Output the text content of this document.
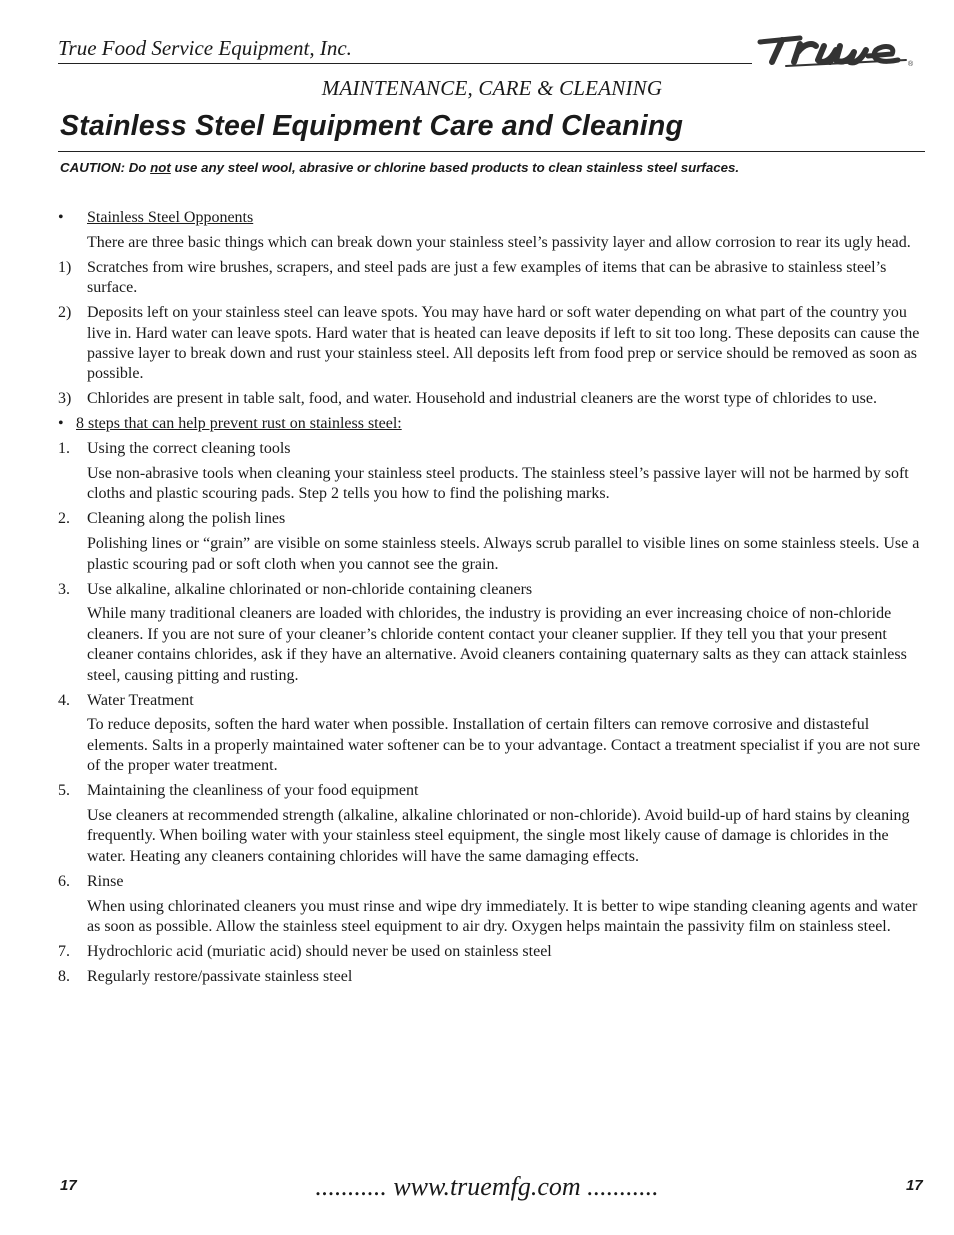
True Food Service Equipment, Inc.
®
MAINTENANCE, CARE & CLEANING
Stainless Steel Equipment Care and Cleaning
CAUTION: Do not use any steel wool, abrasive or chlorine based products to clean stainless steel surfaces.
•	Stainless Steel Opponents
There are three basic things which can break down your stainless steel’s passivity layer and allow corrosion to rear its ugly head.
1) Scratches from wire brushes, scrapers, and steel pads are just a few examples of items that can be abrasive to stainless steel’s surface.
2) Deposits left on your stainless steel can leave spots. You may have hard or soft water depending on what part of the country you live in. Hard water can leave spots. Hard water that is heated can leave deposits if left to sit too long. These deposits can cause the passive layer to break down and rust your stainless steel. All deposits left from food prep or service should be removed as soon as possible.
3) Chlorides are present in table salt, food, and water. Household and industrial cleaners are the worst type of chlorides to use.
• 8 steps that can help prevent rust on stainless steel:
1.	Using the correct cleaning tools
Use non-abrasive tools when cleaning your stainless steel products. The stainless steel’s passive layer will not be harmed by soft cloths and plastic scouring pads. Step 2 tells you how to find the polishing marks.
2.	Cleaning along the polish lines
Polishing lines or “grain” are visible on some stainless steels. Always scrub parallel to visible lines on some stainless steels. Use a plastic scouring pad or soft cloth when you cannot see the grain.
3.	Use alkaline, alkaline chlorinated or non-chloride containing cleaners
While many traditional cleaners are loaded with chlorides, the industry is providing an ever increasing choice of non-chloride cleaners. If you are not sure of your cleaner’s chloride content contact your cleaner supplier. If they tell you that your present cleaner contains chlorides, ask if they have an alternative. Avoid cleaners containing quaternary salts as they can attack stainless steel, causing pitting and rusting.
4.	Water Treatment
To reduce deposits, soften the hard water when possible. Installation of certain filters can remove corrosive and distasteful elements. Salts in a properly maintained water softener can be to your advantage. Contact a treatment specialist if you are not sure of the proper water treatment.
5.	Maintaining the cleanliness of your food equipment
Use cleaners at recommended strength (alkaline, alkaline chlorinated or non-chloride). Avoid build-up of hard stains by cleaning frequently. When boiling water with your stainless steel equipment, the single most likely cause of damage is chlorides in the water. Heating any cleaners containing chlorides will have the same damaging effects.
6.	Rinse
When using chlorinated cleaners you must rinse and wipe dry immediately. It is better to wipe standing cleaning agents and water as soon as possible. Allow the stainless steel equipment to air dry. Oxygen helps maintain the passivity film on stainless steel.
7.	Hydrochloric acid (muriatic acid) should never be used on stainless steel
8.	Regularly restore/passivate stainless steel
17	........... www.truemfg.com ...........	17
